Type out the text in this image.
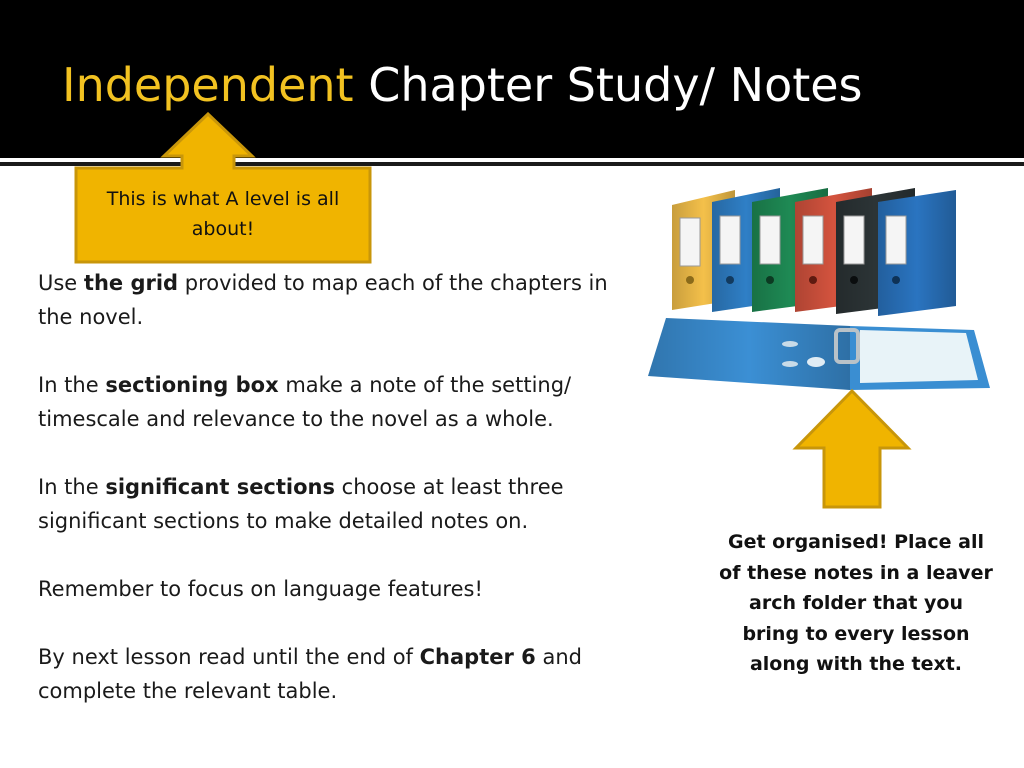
Independent Chapter Study/ Notes
This is what A level is all about!

Use the grid provided to map each of the chapters in the novel.

In the sectioning box make a note of the setting/ timescale and relevance to the novel as a whole.

In the significant sections choose at least three significant sections to make detailed notes on.

Remember to focus on language features!

By next lesson read until the end of Chapter 6 and complete the relevant table.

Get organised! Place all of these notes in a leaver arch folder that you bring to every lesson along with the text.
